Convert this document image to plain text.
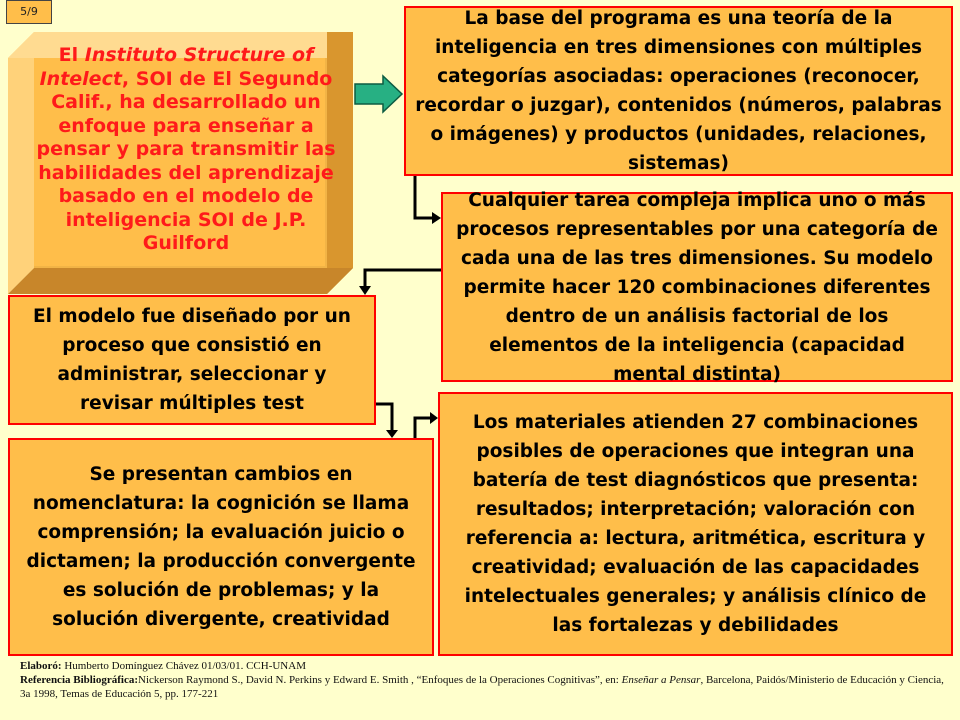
5/9
El Instituto Structure of Intelect, SOI de El Segundo Calif., ha desarrollado un enfoque para enseñar a pensar y para transmitir las habilidades del aprendizaje basado en el modelo de inteligencia SOI de J.P. Guilford
La base del programa es una teoría de la inteligencia en tres dimensiones con múltiples categorías asociadas: operaciones (reconocer, recordar o juzgar), contenidos (números, palabras o imágenes) y productos (unidades, relaciones, sistemas)
Cualquier tarea compleja implica uno o más procesos representables por una categoría de cada una de las tres dimensiones. Su modelo permite hacer 120 combinaciones diferentes dentro de un análisis factorial de los elementos de la inteligencia (capacidad mental distinta)
El modelo fue diseñado por un proceso que consistió en administrar, seleccionar y revisar múltiples test
Los materiales atienden 27 combinaciones posibles de operaciones que integran una batería de test diagnósticos que presenta: resultados; interpretación; valoración con referencia a: lectura, aritmética, escritura y creatividad; evaluación de las capacidades intelectuales generales; y análisis clínico de las fortalezas y debilidades
Se presentan cambios en nomenclatura: la cognición se llama comprensión; la evaluación juicio o dictamen; la producción convergente es solución de problemas; y la solución divergente, creatividad
Elaboró: Humberto Domínguez Chávez 01/03/01. CCH-UNAM
Referencia Bibliográfica:Nickerson Raymond S., David N. Perkins y Edward E. Smith , “Enfoques de la Operaciones Cognitivas”, en: Enseñar a Pensar, Barcelona, Paidós/Ministerio de Educación y Ciencia, 3a 1998, Temas de Educación 5, pp. 177-221
